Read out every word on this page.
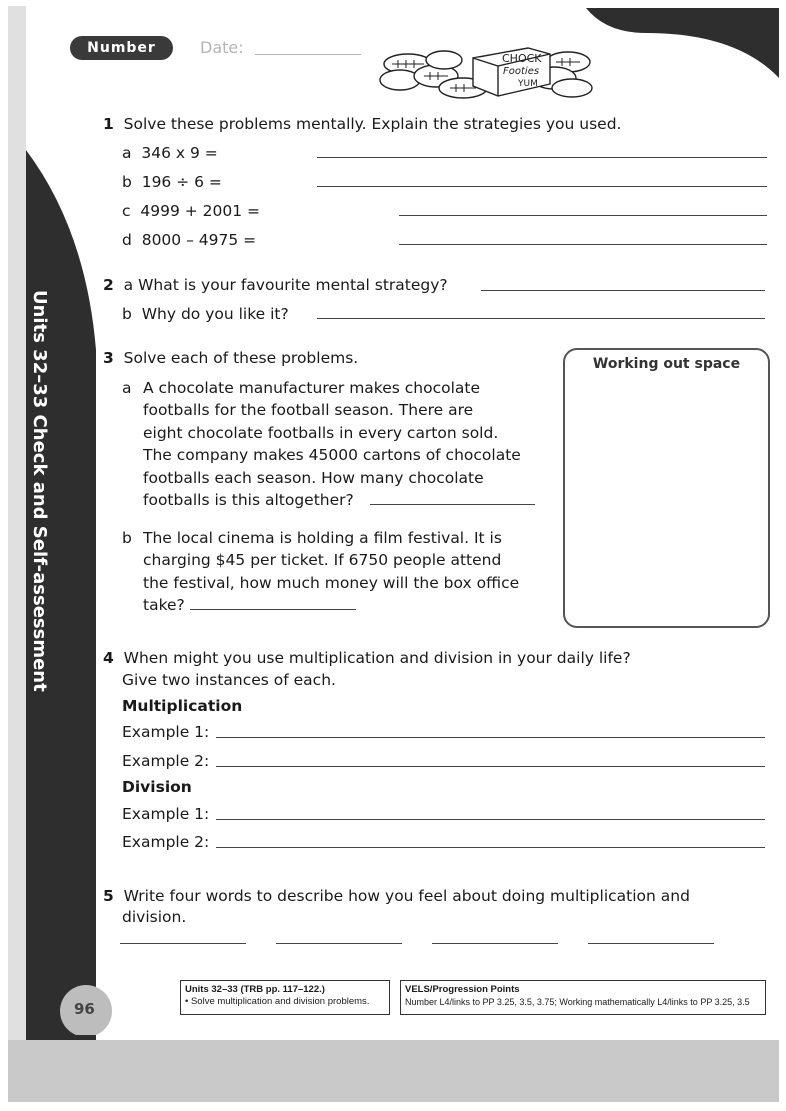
Number	Date:
CHOCK
Footies
YUM
Units 32–33 Check and Self-assessment
96
1 Solve these problems mentally. Explain the strategies you used.
a 346 x 9 =
b 196 ÷ 6 =
c 4999 + 2001 =
d 8000 – 4975 =
2 a What is your favourite mental strategy?
b Why do you like it?
3 Solve each of these problems.
a A chocolate manufacturer makes chocolate
footballs for the football season. There are
eight chocolate footballs in every carton sold.
The company makes 45000 cartons of chocolate
footballs each season. How many chocolate
footballs is this altogether?
b The local cinema is holding a film festival. It is
charging $45 per ticket. If 6750 people attend
the festival, how much money will the box office
take?
Working out space
4 When might you use multiplication and division in your daily life?
Give two instances of each.
Multiplication
Example 1:
Example 2:
Division
Example 1:
Example 2:
5 Write four words to describe how you feel about doing multiplication and
division.
Units 32–33 (TRB pp. 117–122.)
• Solve multiplication and division problems.
VELS/Progression Points
Number L4/links to PP 3.25, 3.5, 3.75; Working mathematically L4/links to PP 3.25, 3.5
